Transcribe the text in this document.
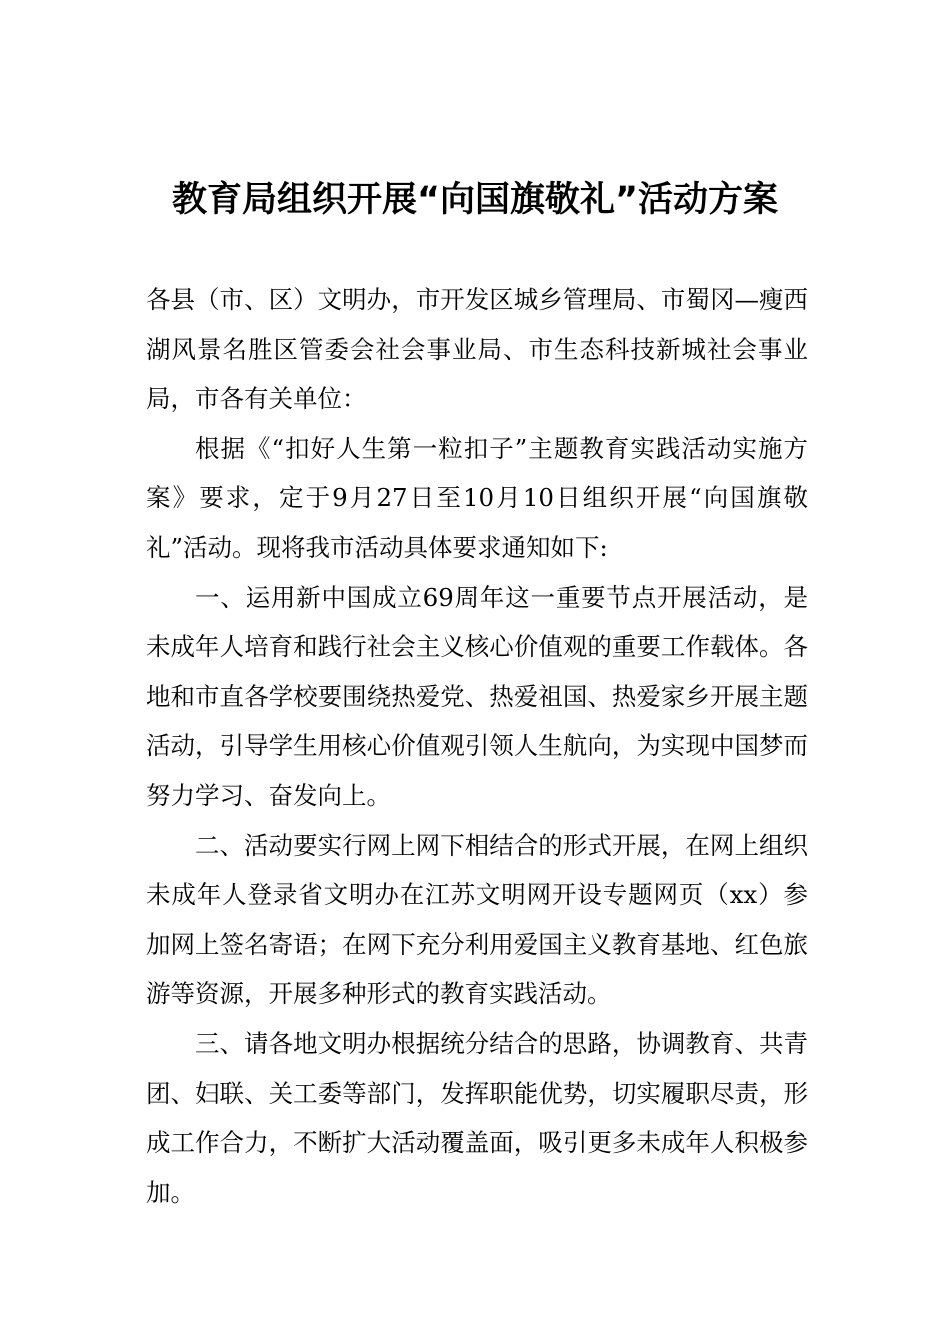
教育局组织开展“向国旗敬礼”活动方案

各县（市、区）文明办，市开发区城乡管理局、市蜀冈—瘦西湖风景名胜区管委会社会事业局、市生态科技新城社会事业局，市各有关单位：

根据《“扣好人生第一粒扣子”主题教育实践活动实施方案》要求，定于9月27日至10月10日组织开展“向国旗敬礼”活动。现将我市活动具体要求通知如下:

一、运用新中国成立69周年这一重要节点开展活动，是未成年人培育和践行社会主义核心价值观的重要工作载体。各地和市直各学校要围绕热爱党、热爱祖国、热爱家乡开展主题活动，引导学生用核心价值观引领人生航向，为实现中国梦而努力学习、奋发向上。

二、活动要实行网上网下相结合的形式开展，在网上组织未成年人登录省文明办在江苏文明网开设专题网页（xx）参加网上签名寄语；在网下充分利用爱国主义教育基地、红色旅游等资源，开展多种形式的教育实践活动。

三、请各地文明办根据统分结合的思路，协调教育、共青团、妇联、关工委等部门，发挥职能优势，切实履职尽责，形成工作合力，不断扩大活动覆盖面，吸引更多未成年人积极参加。
